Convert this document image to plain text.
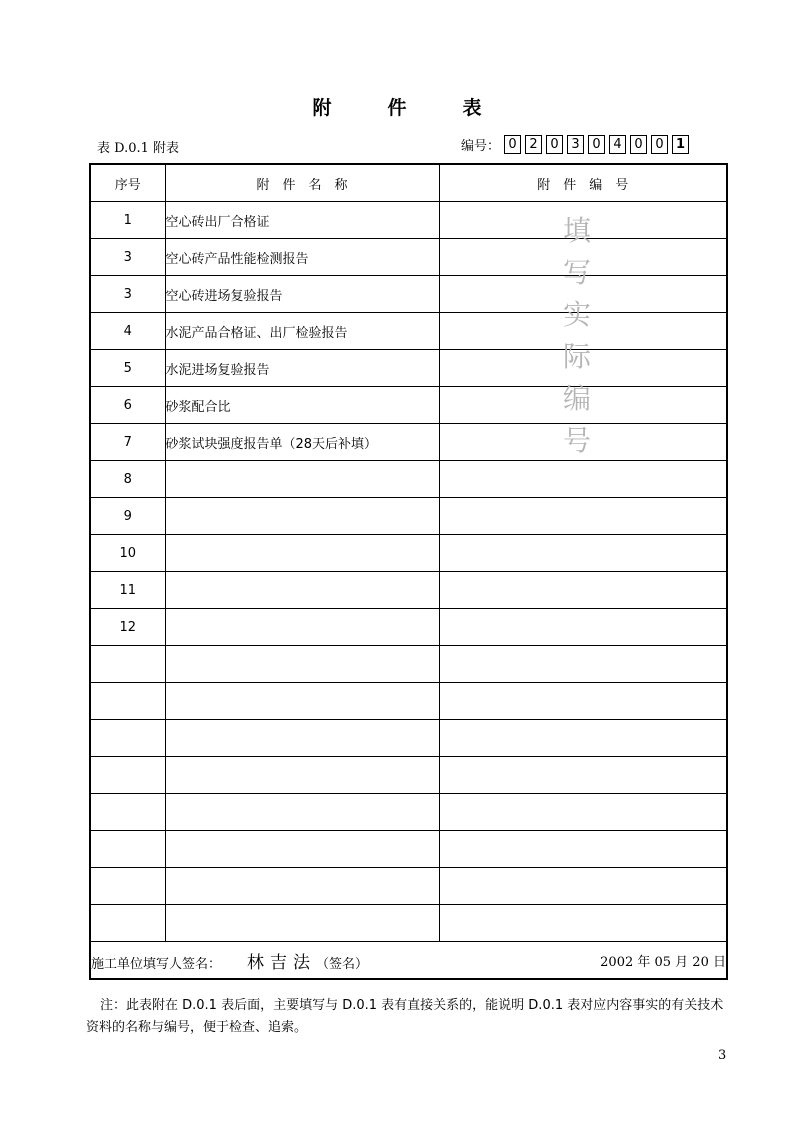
附	件	表
表 D.0.1 附表	编号： 0 2 0 3 0 4 0 0 1
序号	附　件　名　称	附　件　编　号
1	空心砖出厂合格证	
3	空心砖产品性能检测报告	
3	空心砖进场复验报告	
4	水泥产品合格证、出厂检验报告	
5	水泥进场复验报告	
6	砂浆配合比	
7	砂浆试块强度报告单（28天后补填）	
8		
9		
10		
11		
12		

施工单位填写人签名： 林吉法（签名） 2002 年 05 月 20 日		
填
写
实
际
编
号
注：此表附在 D.0.1 表后面，主要填写与 D.0.1 表有直接关系的，能说明 D.0.1 表对应内容事实的有关技术资料的名称与编号，便于检查、追索。
3
